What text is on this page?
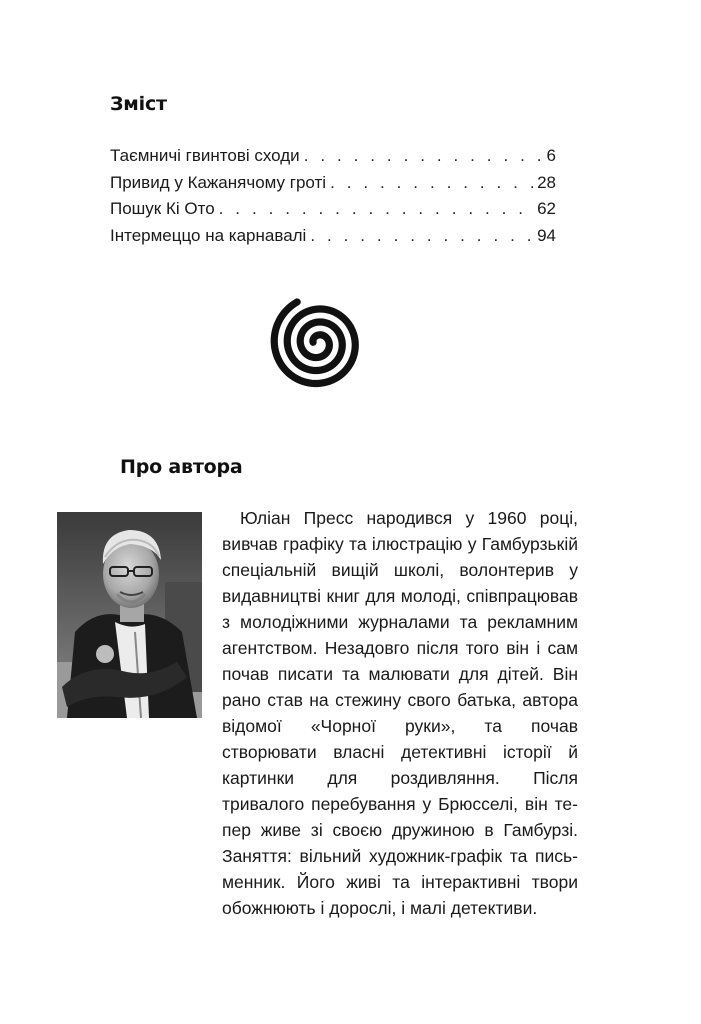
Зміст
Таємничі гвинтові сходи . . .	6
Привид у Кажанячому гроті . . .	28
Пошук Кі Ото . . .	62
Інтермеццо на карнавалі . . .	94
Про автора

Юліан Пресс народився у 1960 році, вивчав графіку та ілюстрацію у Гамбурзькій спеціальній вищій школі, волонтерив у видавництві книг для молоді, співпрацював з молодіжними журналами та рекламним агентством. Незадовго після того він і сам почав писати та малювати для дітей. Він рано став на стежину свого батька, автора відомої «Чорної руки», та почав створювати власні детективні історії й картинки для роздивляння. Після тривалого перебування у Брюсселі, він тепер живе зі своєю дружиною в Гамбурзі. Заняття: вільний художник-графік та письменник. Його живі та інтерактивні твори обожнюють і дорослі, і малі детективи.
